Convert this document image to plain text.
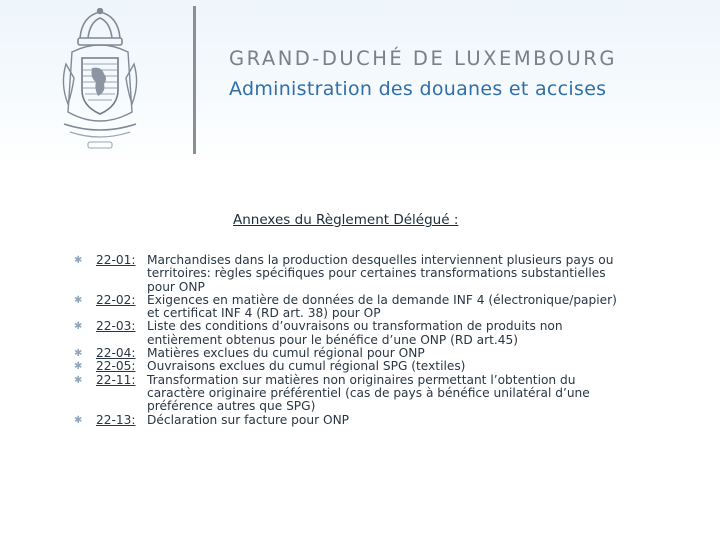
GRAND-DUCHÉ DE LUXEMBOURG
Administration des douanes et accises
Annexes du Règlement Délégué :
✱	22-01: Marchandises dans la production desquelles interviennent plusieurs pays ou
territoires: règles spécifiques pour certaines transformations substantielles
pour ONP
✱	22-02: Exigences en matière de données de la demande INF 4 (électronique/papier)
et certificat INF 4 (RD art. 38) pour OP
✱	22-03: Liste des conditions d’ouvraisons ou transformation de produits non
entièrement obtenus pour le bénéfice d’une ONP (RD art.45)
✱	22-04: Matières exclues du cumul régional pour ONP
✱	22-05: Ouvraisons exclues du cumul régional SPG (textiles)
✱	22-11: Transformation sur matières non originaires permettant l’obtention du
caractère originaire préférentiel (cas de pays à bénéfice unilatéral d’une
préférence autres que SPG)
✱	22-13: Déclaration sur facture pour ONP
